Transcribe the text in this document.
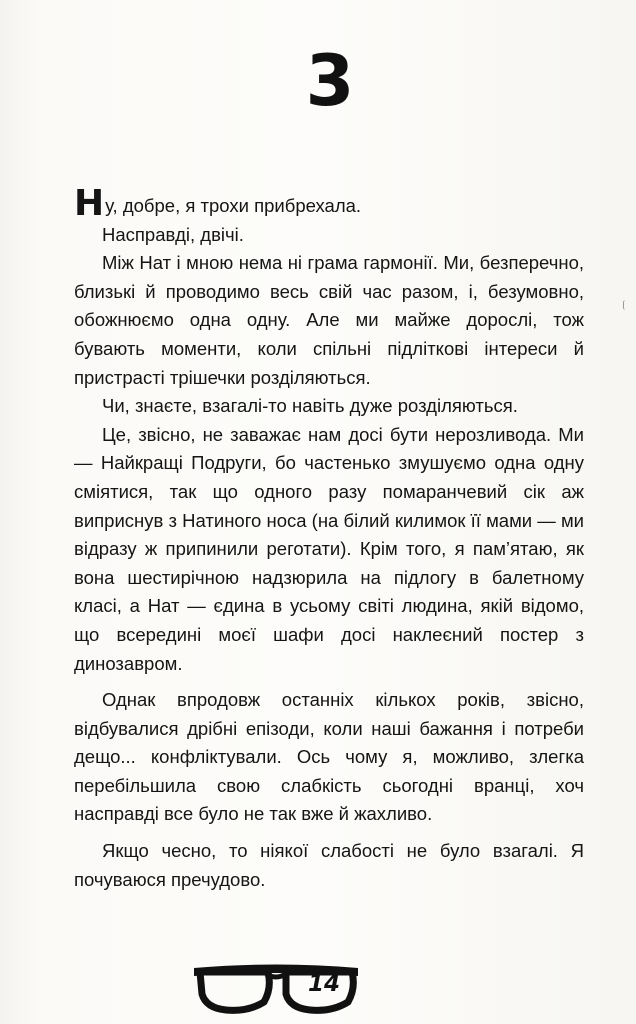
3

Ну, добре, я трохи прибрехала.

Насправді, двічі.

Між Нат і мною нема ні грама гармонії. Ми, безперечно, близькі й проводимо весь свій час разом, і, безумовно, обожнюємо одна одну. Але ми майже дорослі, тож бувають моменти, коли спільні підліткові інтереси й пристрасті трішечки розділяються.

Чи, знаєте, взагалі-то навіть дуже розділяються.

Це, звісно, не заважає нам досі бути нерозливода. Ми — Найкращі Подруги, бо частенько змушуємо одна одну сміятися, так що одного разу помаранчевий сік аж виприснув з Натиного носа (на білий килимок її мами — ми відразу ж припинили реготати). Крім того, я пам’ятаю, як вона шестирічною надзюрила на підлогу в балетному класі, а Нат — єдина в усьому світі людина, якій відомо, що всередині моєї шафи досі наклеєний постер з динозавром.

Однак впродовж останніх кількох років, звісно, відбувалися дрібні епізоди, коли наші бажання і потреби дещо... конфліктували. Ось чому я, можливо, злегка перебільшила свою слабкість сьогодні вранці, хоч насправді все було не так вже й жахливо.

Якщо чесно, то ніякої слабості не було взагалі. Я почуваюся пречудово.

14
